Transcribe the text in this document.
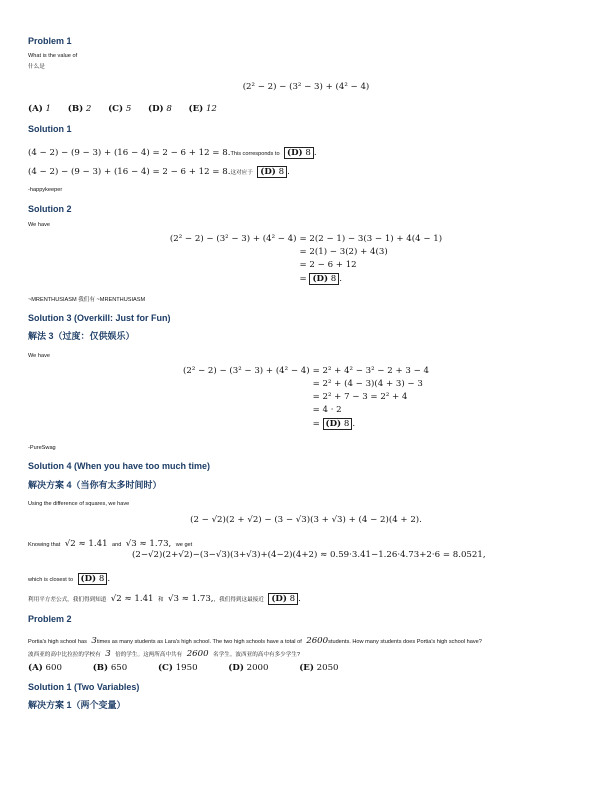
Problem 1

What is the value of

什么是

(2² − 2) − (3² − 3) + (4² − 4)
(A) 1 (B) 2 (C) 5 (D) 8 (E) 12

Solution 1

(4 − 2) − (9 − 3) + (16 − 4) = 2 − 6 + 12 = 8.This corresponds to (D) 8 .
(4 − 2) − (9 − 3) + (16 − 4) = 2 − 6 + 12 = 8.这对应于 (D) 8 .

-happykeeper

Solution 2

We have

(2² − 2) − (3² − 3) + (4² − 4) = 2(2 − 1) − 3(3 − 1) + 4(4 − 1)
= 2(1) − 3(2) + 4(3)
= 2 − 6 + 12
= (D) 8 .

~MRENTHUSIASM 我们有 ~MRENTHUSIASM

Solution 3 (Overkill: Just for Fun)

解法 3（过度：仅供娱乐）

We have

(2² − 2) − (3² − 3) + (4² − 4) = 2² + 4² − 3² − 2 + 3 − 4
= 2² + (4 − 3)(4 + 3) − 3
= 2² + 7 − 3 = 2² + 4
= 4 · 2
= (D) 8 .

-PureSwag

Solution 4 (When you have too much time)

解决方案 4（当你有太多时间时）

Using the difference of squares, we have

(2 − √2)(2 + √2) − (3 − √3)(3 + √3) + (4 − 2)(4 + 2).
Knowing that √2 ≈ 1.41 and √3 ≈ 1.73, we get
(2−√2)(2+√2)−(3−√3)(3+√3)+(4−2)(4+2) ≈ 0.59·3.41−1.26·4.73+2·6 = 8.0521,
which is closest to (D) 8 .
利用平方差公式，我们得到知道 √2 ≈ 1.41 和 √3 ≈ 1.73,，我们得到这最接近 (D) 8 .

Problem 2

Portia's high school has 3times as many students as Lara's high school. The two high schools have a total of 2600students. How many students does Portia's high school have?
波西亚的高中比拉拉的学校有 3 倍的学生。这两所高中共有 2600 名学生。波西亚的高中有多少学生?
(A) 600	(B) 650	(C) 1950	(D) 2000	(E) 2050

Solution 1 (Two Variables)

解决方案 1（两个变量）
